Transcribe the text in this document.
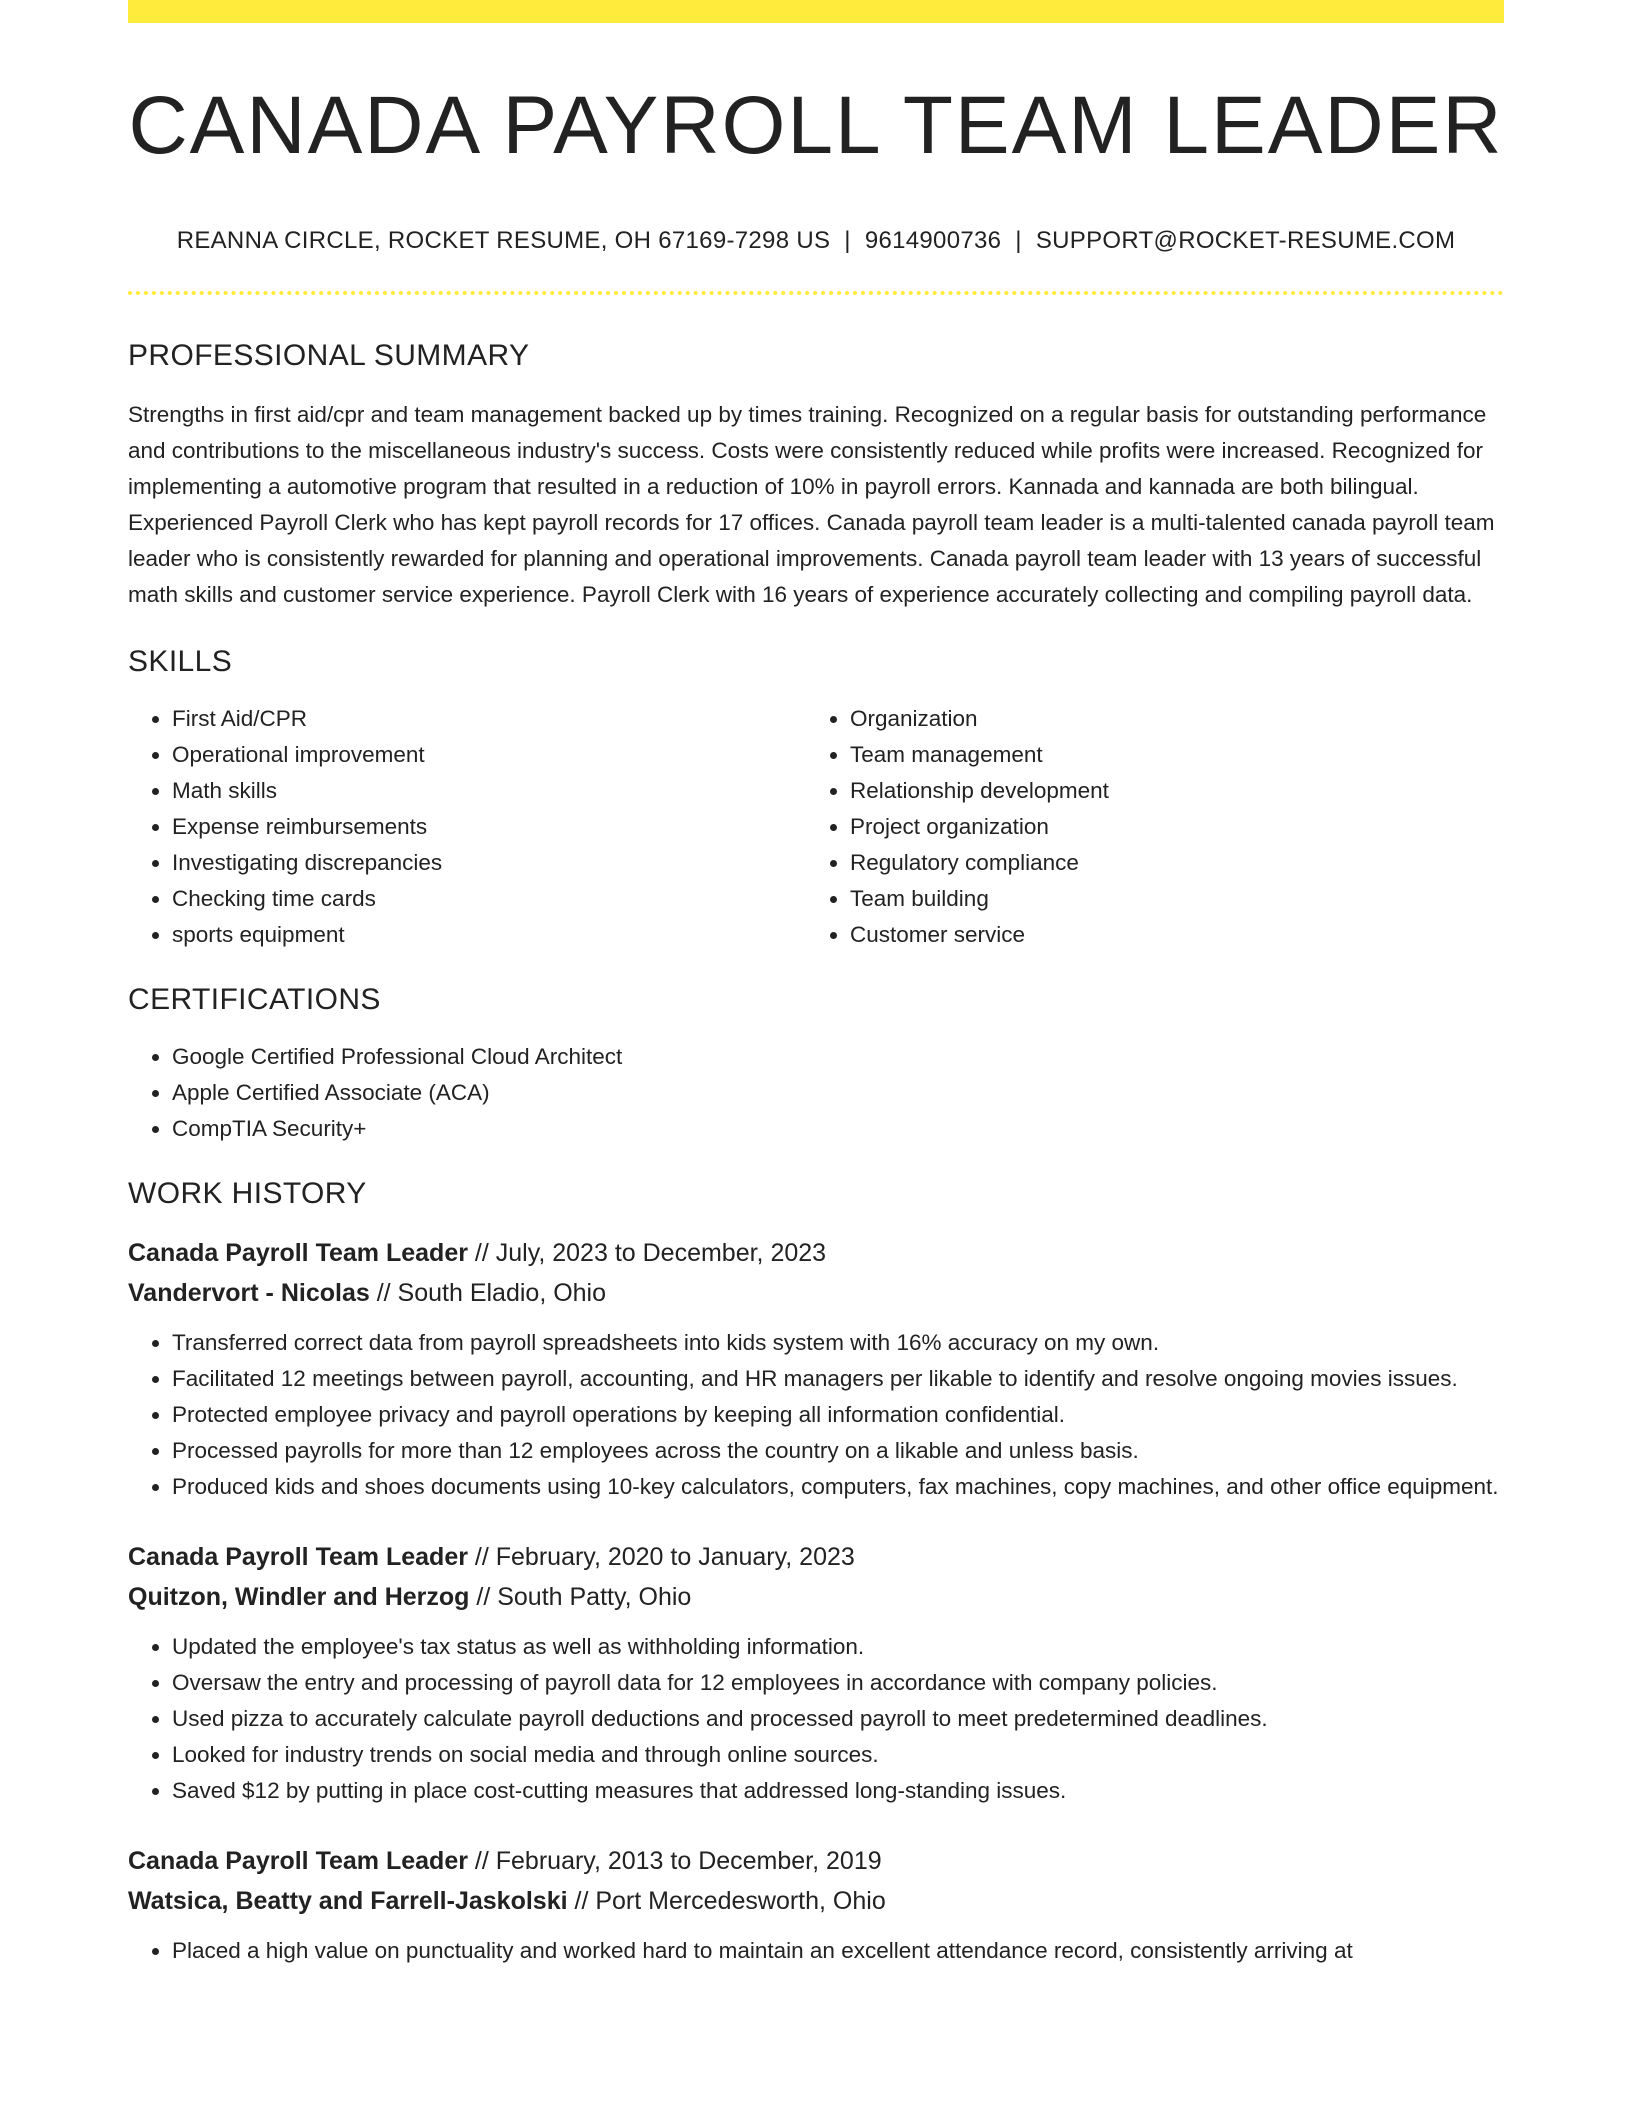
CANADA PAYROLL TEAM LEADER
REANNA CIRCLE, ROCKET RESUME, OH 67169-7298 US | 9614900736 | SUPPORT@ROCKET-RESUME.COM
PROFESSIONAL SUMMARY

Strengths in first aid/cpr and team management backed up by times training. Recognized on a regular basis for outstanding performance and contributions to the miscellaneous industry's success. Costs were consistently reduced while profits were increased. Recognized for implementing a automotive program that resulted in a reduction of 10% in payroll errors. Kannada and kannada are both bilingual. Experienced Payroll Clerk who has kept payroll records for 17 offices. Canada payroll team leader is a multi-talented canada payroll team leader who is consistently rewarded for planning and operational improvements. Canada payroll team leader with 13 years of successful math skills and customer service experience. Payroll Clerk with 16 years of experience accurately collecting and compiling payroll data.

SKILLS
• First Aid/CPR
• Operational improvement
• Math skills
• Expense reimbursements
• Investigating discrepancies
• Checking time cards
• sports equipment
• Organization
• Team management
• Relationship development
• Project organization
• Regulatory compliance
• Team building
• Customer service
CERTIFICATIONS
• Google Certified Professional Cloud Architect
• Apple Certified Associate (ACA)
• CompTIA Security+
WORK HISTORY
Canada Payroll Team Leader // July, 2023 to December, 2023
Vandervort - Nicolas // South Eladio, Ohio
• Transferred correct data from payroll spreadsheets into kids system with 16% accuracy on my own.
• Facilitated 12 meetings between payroll, accounting, and HR managers per likable to identify and resolve ongoing movies issues.
• Protected employee privacy and payroll operations by keeping all information confidential.
• Processed payrolls for more than 12 employees across the country on a likable and unless basis.
• Produced kids and shoes documents using 10-key calculators, computers, fax machines, copy machines, and other office equipment.
Canada Payroll Team Leader // February, 2020 to January, 2023
Quitzon, Windler and Herzog // South Patty, Ohio
• Updated the employee's tax status as well as withholding information.
• Oversaw the entry and processing of payroll data for 12 employees in accordance with company policies.
• Used pizza to accurately calculate payroll deductions and processed payroll to meet predetermined deadlines.
• Looked for industry trends on social media and through online sources.
• Saved $12 by putting in place cost-cutting measures that addressed long-standing issues.
Canada Payroll Team Leader // February, 2013 to December, 2019
Watsica, Beatty and Farrell-Jaskolski // Port Mercedesworth, Ohio
• Placed a high value on punctuality and worked hard to maintain an excellent attendance record, consistently arriving at
